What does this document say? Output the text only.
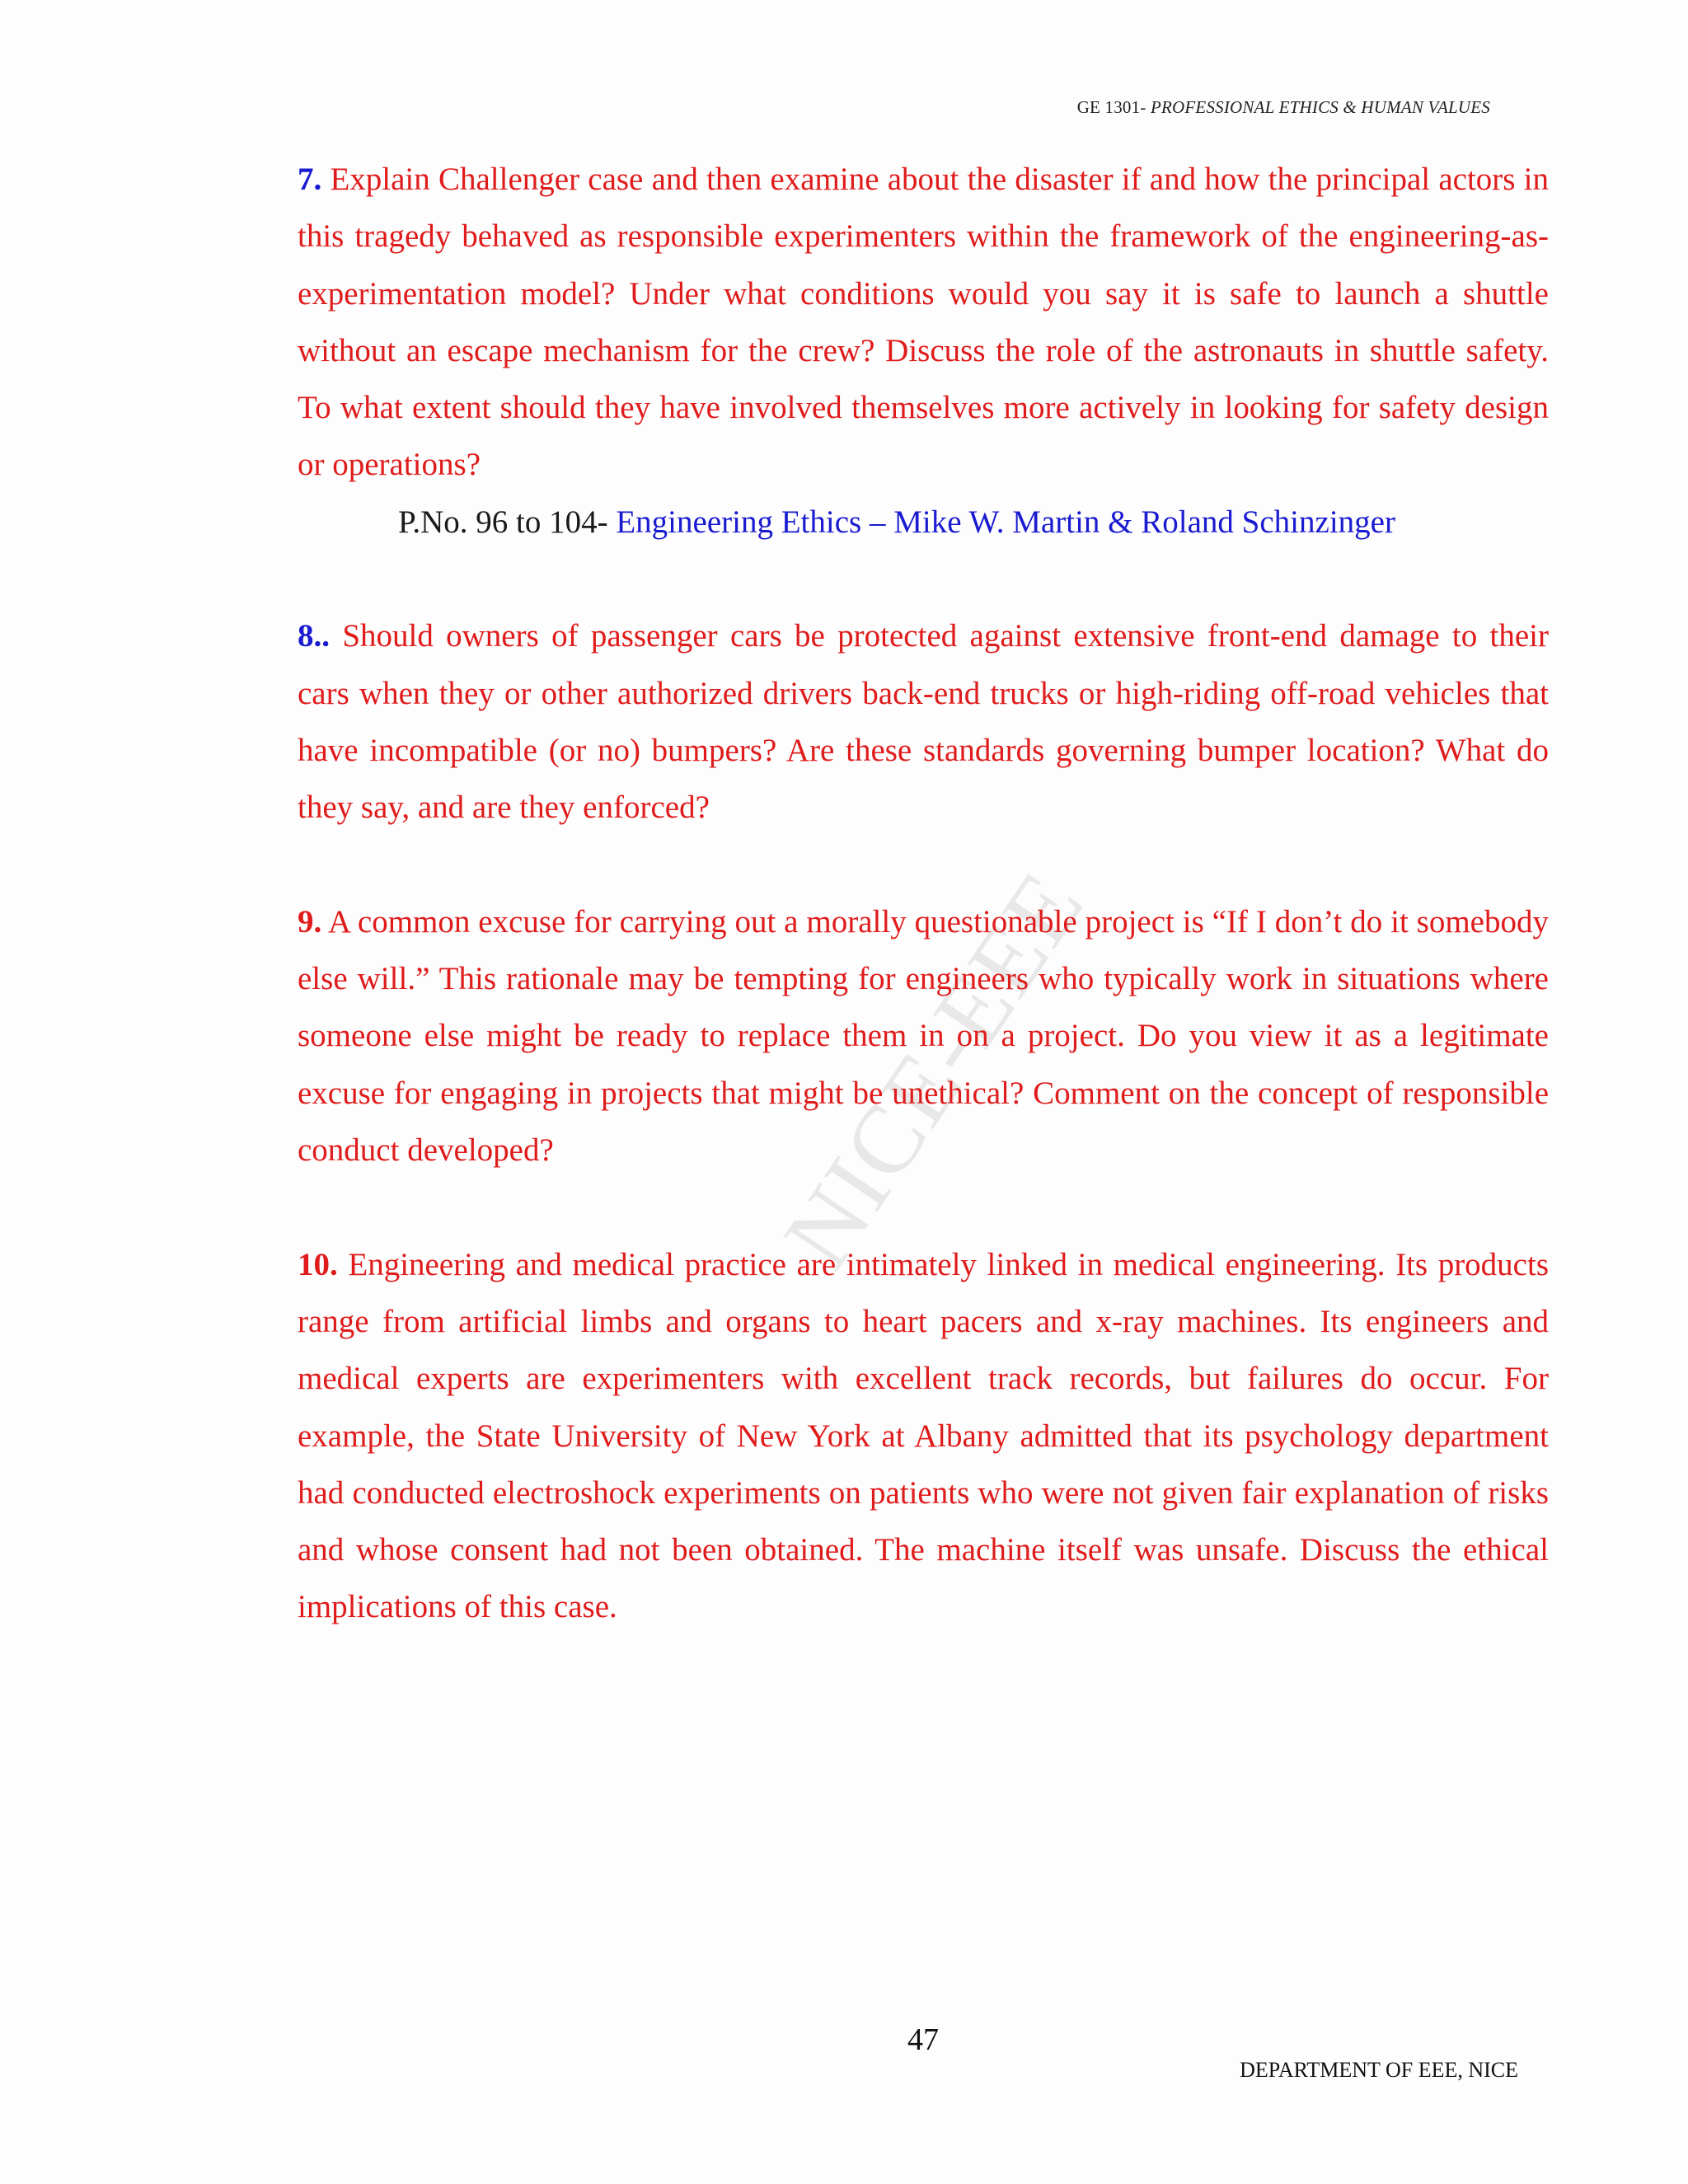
GE 1301- PROFESSIONAL ETHICS & HUMAN VALUES
NICE-EEE

7. Explain Challenger case and then examine about the disaster if and how the principal actors in this tragedy behaved as responsible experimenters within the framework of the engineering-as-experimentation model? Under what conditions would you say it is safe to launch a shuttle without an escape mechanism for the crew? Discuss the role of the astronauts in shuttle safety. To what extent should they have involved themselves more actively in looking for safety design or operations?

P.No. 96 to 104- Engineering Ethics – Mike W. Martin & Roland Schinzinger

8.. Should owners of passenger cars be protected against extensive front-end damage to their cars when they or other authorized drivers back-end trucks or high-riding off-road vehicles that have incompatible (or no) bumpers? Are these standards governing bumper location? What do they say, and are they enforced?

9. A common excuse for carrying out a morally questionable project is “If I don’t do it somebody else will.” This rationale may be tempting for engineers who typically work in situations where someone else might be ready to replace them in on a project. Do you view it as a legitimate excuse for engaging in projects that might be unethical? Comment on the concept of responsible conduct developed?

10. Engineering and medical practice are intimately linked in medical engineering. Its products range from artificial limbs and organs to heart pacers and x-ray machines. Its engineers and medical experts are experimenters with excellent track records, but failures do occur. For example, the State University of New York at Albany admitted that its psychology department had conducted electroshock experiments on patients who were not given fair explanation of risks and whose consent had not been obtained. The machine itself was unsafe. Discuss the ethical implications of this case.

47
DEPARTMENT OF EEE, NICE
